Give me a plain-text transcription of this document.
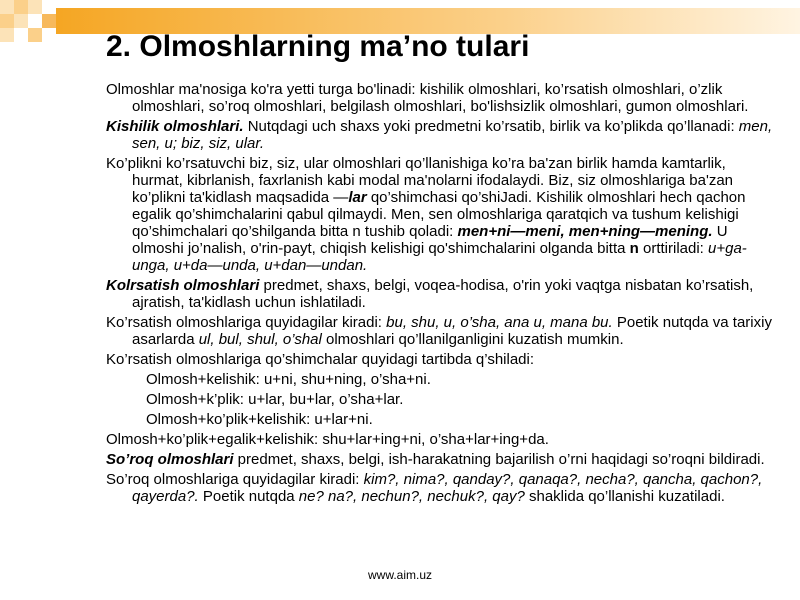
2. Olmoshlarning ma’no tulari

Olmoshlar ma'nosiga ko'ra yetti turga bo'linadi: kishilik olmoshlari, ko’rsatish olmoshlari, o’zlik olmoshlari, so’roq olmoshlari, belgilash olmoshlari, bo'lishsizlik olmoshlari, gumon olmoshlari.

Kishilik olmoshlari. Nutqdagi uch shaxs yoki predmetni ko’rsatib, birlik va ko’plikda qo’llanadi: men, sen, u; biz, siz, ular.

Ko’plikni ko’rsatuvchi biz, siz, ular olmoshlari qo’llanishiga ko’ra ba'zan birlik hamda kamtarlik, hurmat, kibrlanish, faxrlanish kabi modal ma'nolarni ifodalaydi. Biz, siz olmoshlariga ba'zan ko’plikni ta'kidlash maqsadida —lar qo’shimchasi qo’shiJadi. Kishilik olmoshlari hech qachon egalik qo’shimchalarini qabul qilmaydi. Men, sen olmoshlariga qaratqich va tushum kelishigi qo’shimchalari qo’shilganda bitta n tushib qoladi: men+ni—meni, men+ning—mening. U olmoshi jo’nalish, o'rin-payt, chiqish kelishigi qo'shimchalarini olganda bitta n orttiriladi: u+ga-unga, u+da—unda, u+dan—undan.

Kolrsatish olmoshlari predmet, shaxs, belgi, voqea-hodisa, o'rin yoki vaqtga nisbatan ko’rsatish, ajratish, ta'kidlash uchun ishlatiladi.

Ko’rsatish olmoshlariga quyidagilar kiradi: bu, shu, u, o’sha, ana u, mana bu. Poetik nutqda va tarixiy asarlarda ul, bul, shul, o’shal olmoshlari qo’llanilganligini kuzatish mumkin.

Ko’rsatish olmoshlariga qo’shimchalar quyidagi tartibda q’shiladi:

Olmosh+kelishik: u+ni, shu+ning, o’sha+ni.

Olmosh+k’plik: u+lar, bu+lar, o’sha+lar.

Olmosh+ko’plik+kelishik: u+lar+ni.

Olmosh+ko’plik+egalik+kelishik: shu+lar+ing+ni, o’sha+lar+ing+da.

So’roq olmoshlari predmet, shaxs, belgi, ish-harakatning bajarilish o’rni haqidagi so’roqni bildiradi.

So’roq olmoshlariga quyidagilar kiradi: kim?, nima?, qanday?, qanaqa?, necha?, qancha, qachon?, qayerda?. Poetik nutqda ne? na?, nechun?, nechuk?, qay? shaklida qo’llanishi kuzatiladi.

www.aim.uz
